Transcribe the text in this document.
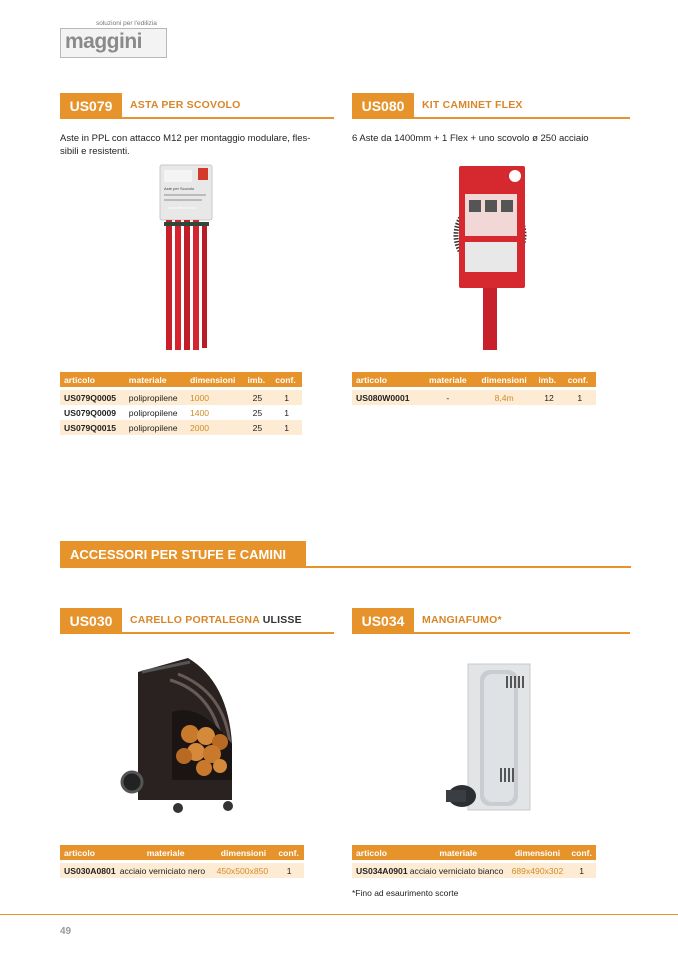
soluzioni per l'edilizia
maggini
US079	ASTA PER SCOVOLO
Aste in PPL con attacco M12 per montaggio modulare, fles-
sibili e resistenti.
Aste per Scovolo
www.ottbrush.com
articolo	materiale	dimensioni	imb.	conf.

US079Q0005	polipropilene	1000	25	1
US079Q0009	polipropilene	1400	25	1
US079Q0015	polipropilene	2000	25	1
US080	KIT CAMINET FLEX
6 Aste da 1400mm + 1 Flex + uno scovolo ø 250 acciaio
articolo	materiale	dimensioni	imb.	conf.

US080W0001	-	8,4m	12	1
ACCESSORI PER STUFE E CAMINI
US030	CARELLO PORTALEGNA ULISSE
articolo	materiale	dimensioni	conf.

US030A0801	acciaio verniciato nero	450x500x850	1
US034	MANGIAFUMO*
articolo	materiale	dimensioni	conf.

US034A0901	acciaio verniciato bianco	689x490x302	1
*Fino ad esaurimento scorte
49
